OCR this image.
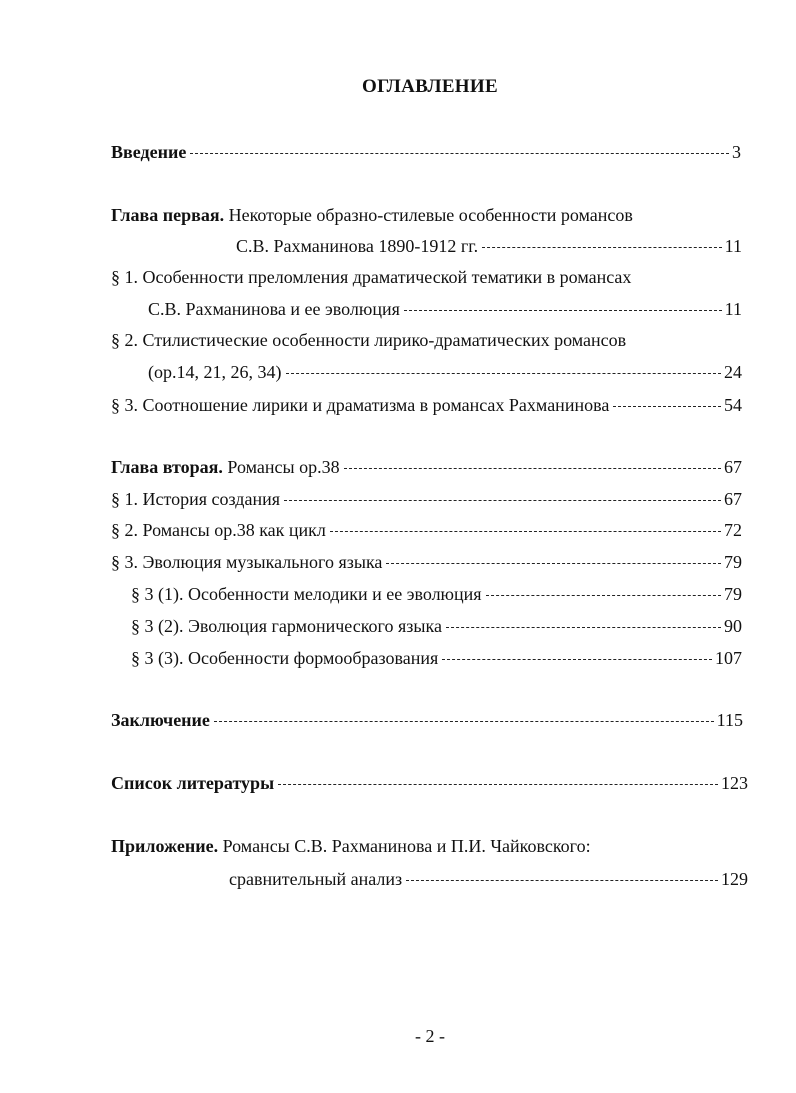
ОГЛАВЛЕНИЕ
Введение	3
Глава первая. Некоторые образно-стилевые особенности романсов
С.В. Рахманинова 1890-1912 гг.	11
§ 1. Особенности преломления драматической тематики в романсах
С.В. Рахманинова и ее эволюция	11
§ 2. Стилистические особенности лирико-драматических романсов
(ор.14, 21, 26, 34)	24
§ 3. Соотношение лирики и драматизма в романсах Рахманинова	54
Глава вторая. Романсы ор.38	67
§ 1. История создания	67
§ 2. Романсы ор.38 как цикл	72
§ 3. Эволюция музыкального языка	79
§ 3 (1). Особенности мелодики и ее эволюция	79
§ 3 (2). Эволюция гармонического языка	90
§ 3 (3). Особенности формообразования	107
Заключение	115
Список литературы	123
Приложение. Романсы С.В. Рахманинова и П.И. Чайковского:
сравнительный анализ	129
- 2 -
